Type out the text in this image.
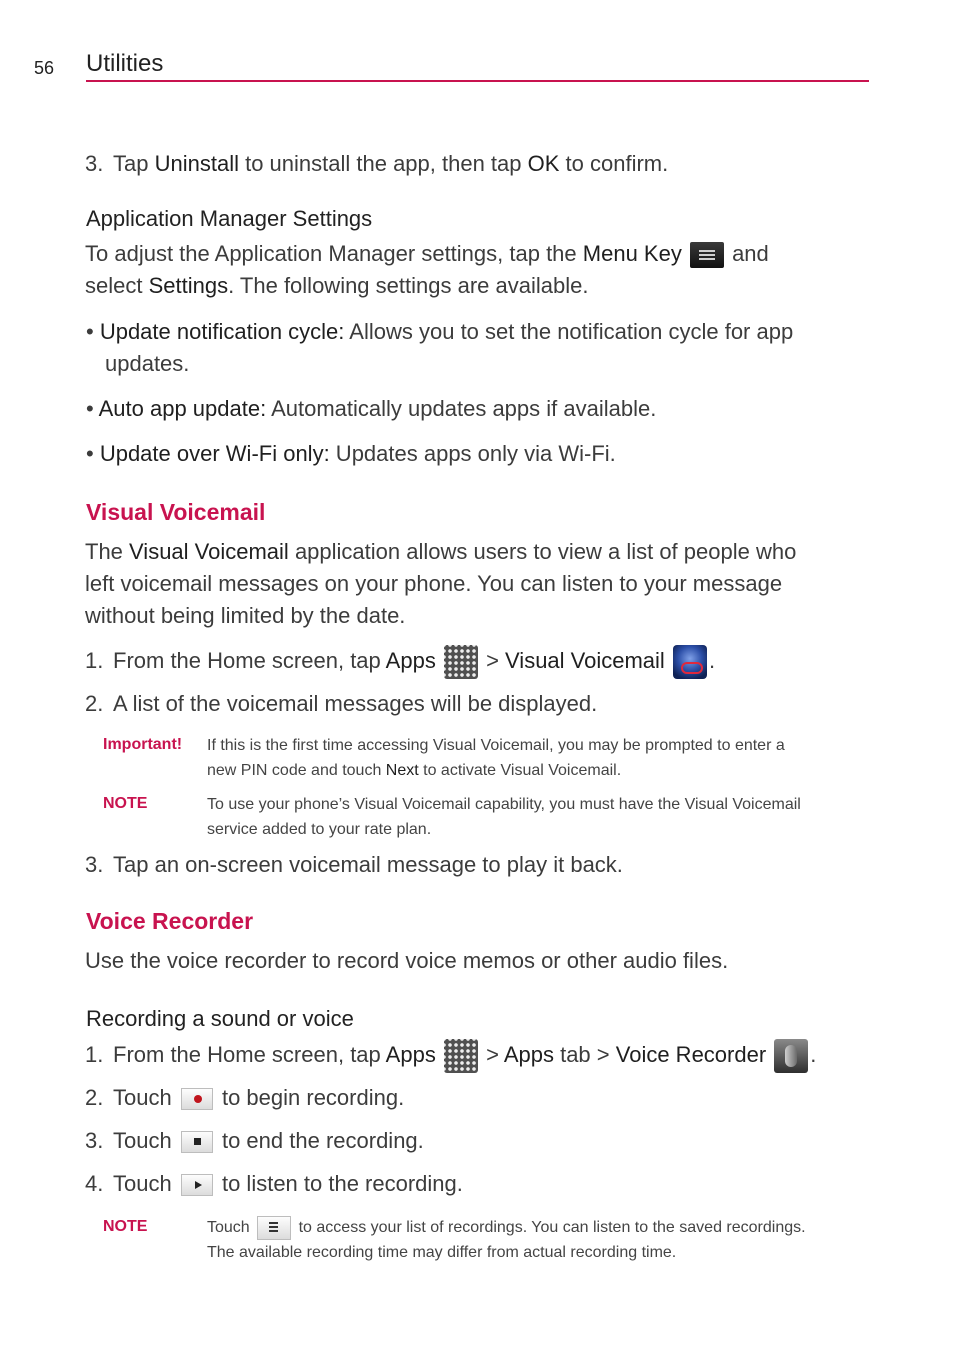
56 Utilities
3. Tap Uninstall to uninstall the app, then tap OK to confirm.
Application Manager Settings
To adjust the Application Manager settings, tap the Menu Key
and
select Settings. The following settings are available.
• Update notification cycle: Allows you to set the notification cycle for app
updates.
• Auto app update: Automatically updates apps if available.
• Update over Wi-Fi only: Updates apps only via Wi-Fi.
Visual Voicemail
The Visual Voicemail application allows users to view a list of people who
left voicemail messages on your phone. You can listen to your message
without being limited by the date.
1. From the Home screen, tap Apps  > Visual Voicemail .
2. A list of the voicemail messages will be displayed.
Important! If this is the first time accessing Visual Voicemail, you may be prompted to enter a
new PIN code and touch Next to activate Visual Voicemail.
NOTE	To use your phone’s Visual Voicemail capability, you must have the Visual Voicemail
service added to your rate plan.
3. Tap an on-screen voicemail message to play it back.
Voice Recorder
Use the voice recorder to record voice memos or other audio files.
Recording a sound or voice
1. From the Home screen, tap Apps  > Apps tab > Voice Recorder .
2. Touch to begin recording.
3. Touch to end the recording.
4. Touch to listen to the recording.
NOTE	Touch	to access your list of recordings. You can listen to the saved recordings.
The available recording time may differ from actual recording time.
